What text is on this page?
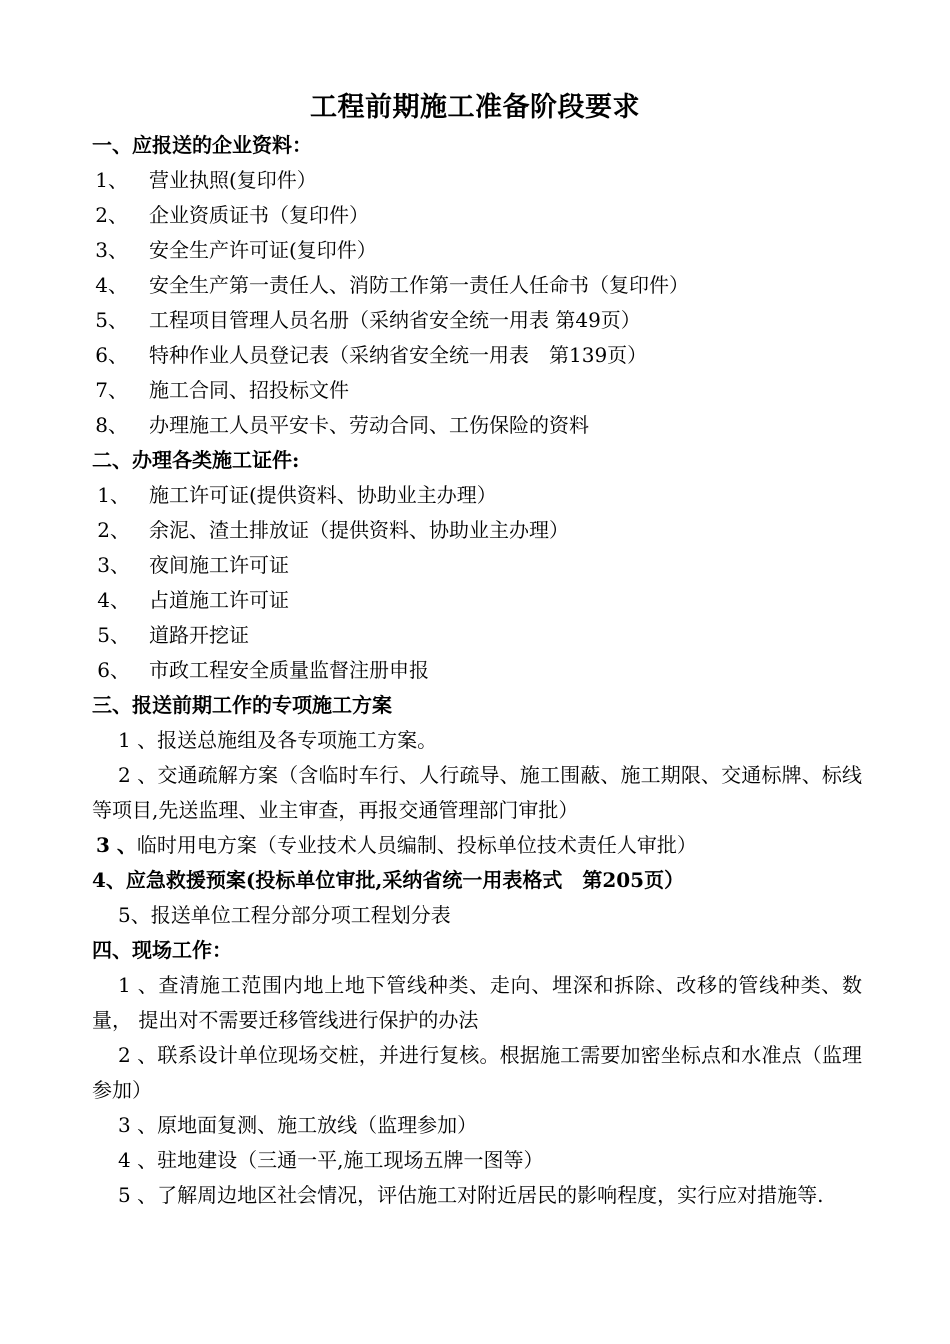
工程前期施工准备阶段要求
一、应报送的企业资料：
1、 营业执照(复印件）
2、 企业资质证书（复印件）
3、 安全生产许可证(复印件）
4、 安全生产第一责任人、消防工作第一责任人任命书（复印件）
5、 工程项目管理人员名册（采纳省安全统一用表 第49页）
6、 特种作业人员登记表（采纳省安全统一用表　第139页）
7、 施工合同、招投标文件
8、 办理施工人员平安卡、劳动合同、工伤保险的资料
二、办理各类施工证件:
1、 施工许可证(提供资料、协助业主办理）
2、 余泥、渣土排放证（提供资料、协助业主办理）
3、 夜间施工许可证
4、 占道施工许可证
5、 道路开挖证
6、 市政工程安全质量监督注册申报
三、报送前期工作的专项施工方案
1 、报送总施组及各专项施工方案。
2 、交通疏解方案（含临时车行、人行疏导、施工围蔽、施工期限、交通标牌、标线等项目,先送监理、业主审查，再报交通管理部门审批）
3 、临时用电方案（专业技术人员编制、投标单位技术责任人审批）
4、应急救援预案(投标单位审批,采纳省统一用表格式　第205页）
5、报送单位工程分部分项工程划分表
四、现场工作：
1 、查清施工范围内地上地下管线种类、走向、埋深和拆除、改移的管线种类、数量， 提出对不需要迁移管线进行保护的办法
2 、联系设计单位现场交桩，并进行复核。根据施工需要加密坐标点和水准点（监理参加）
3 、原地面复测、施工放线（监理参加）
4 、驻地建设（三通一平,施工现场五牌一图等）
5 、了解周边地区社会情况，评估施工对附近居民的影响程度，实行应对措施等.
